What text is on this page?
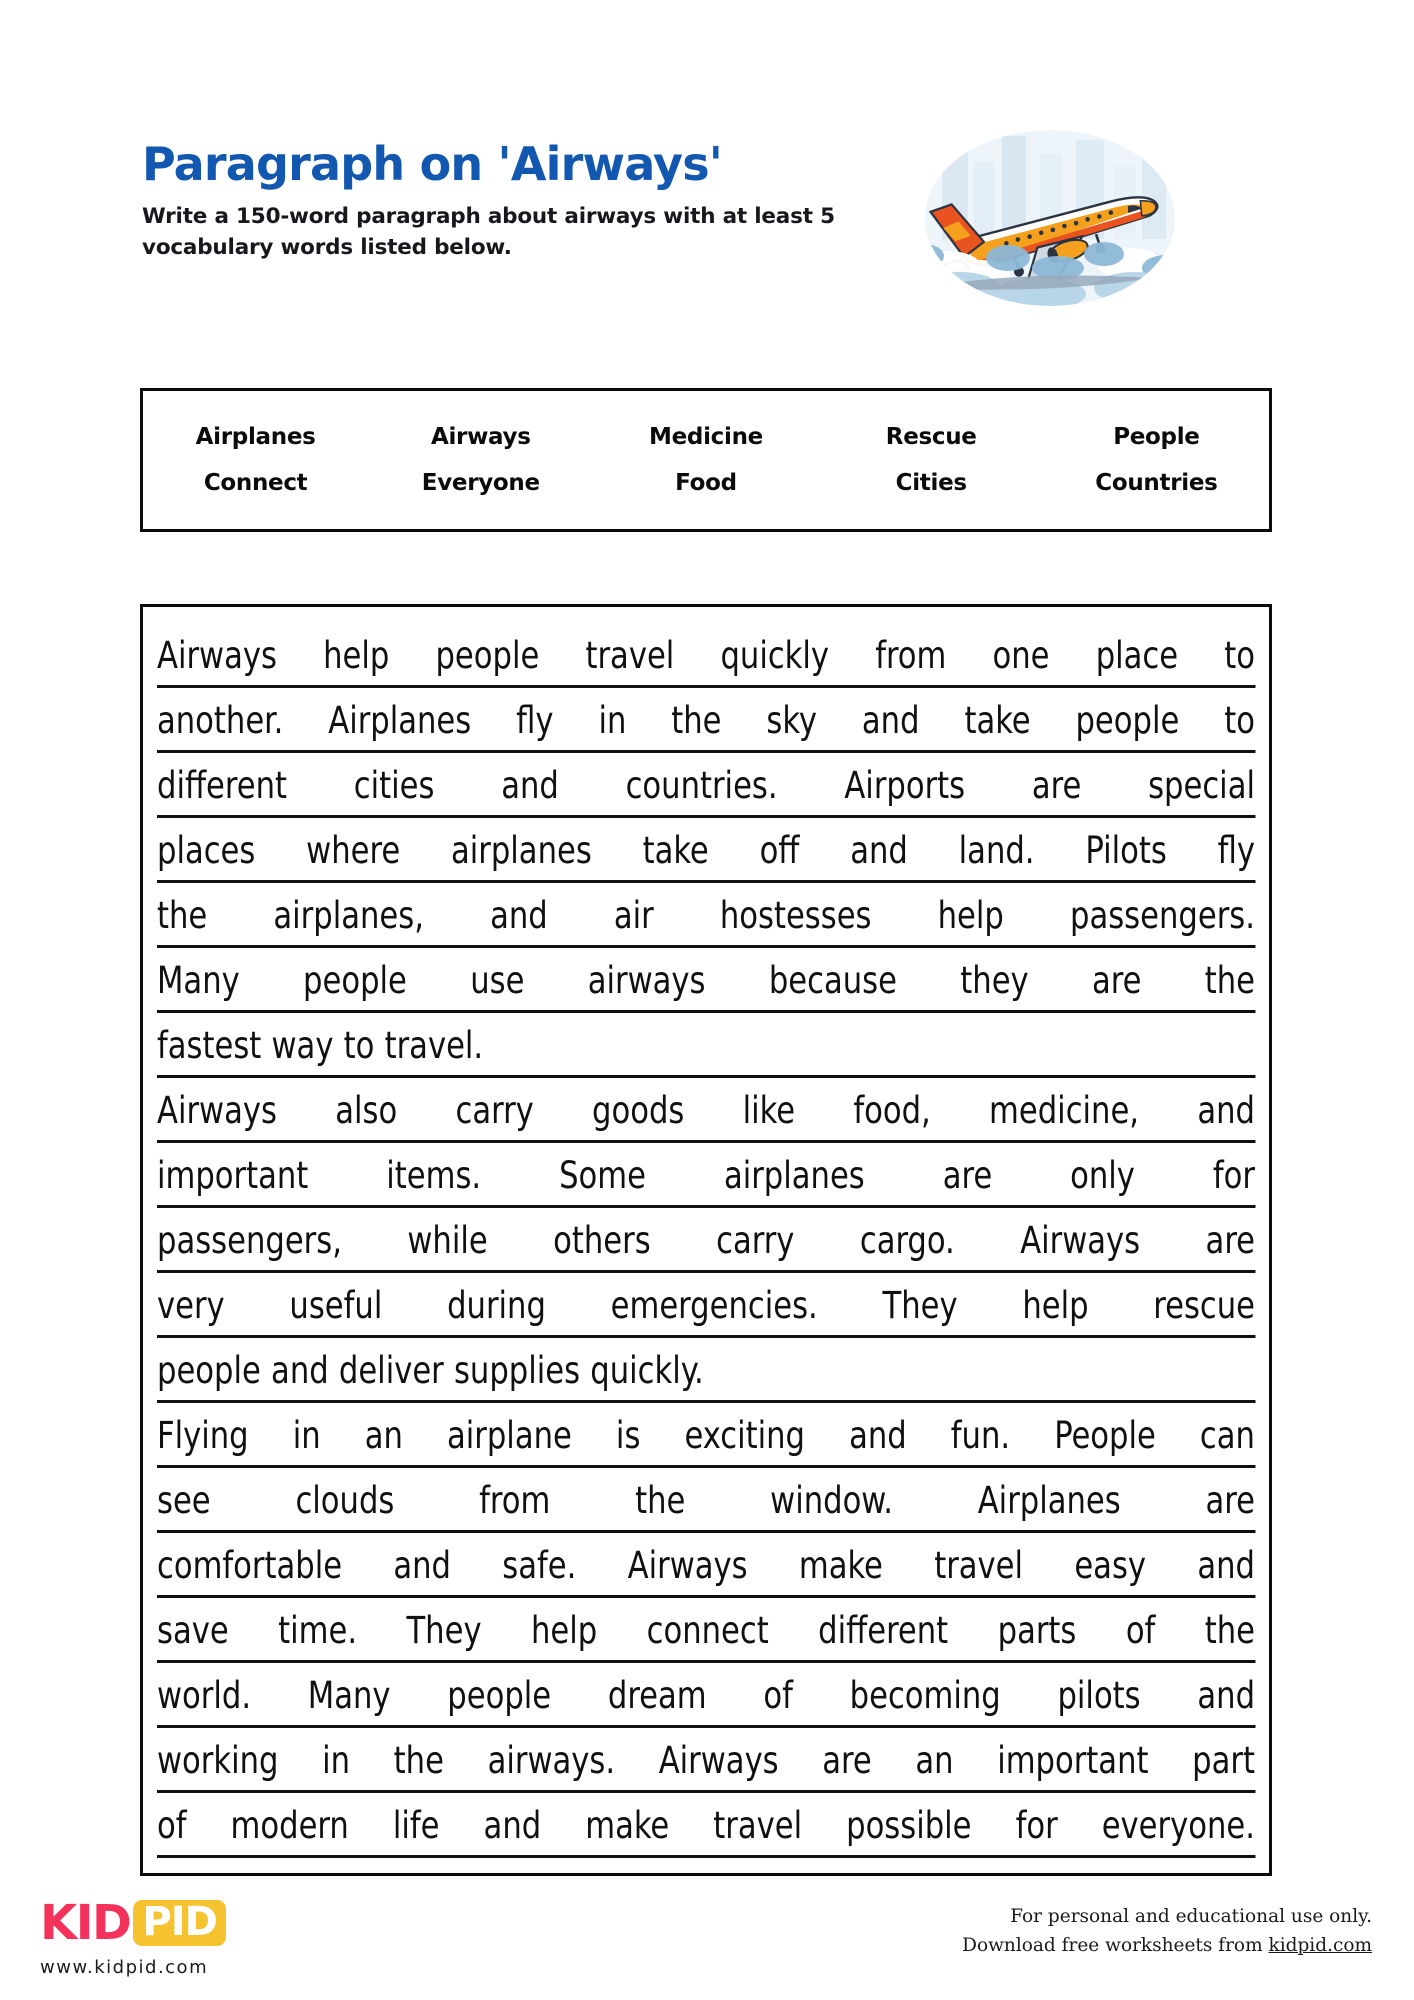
Paragraph on 'Airways'

Write a 150-word paragraph about airways with at least 5 vocabulary words listed below.

Airplanes	Airways	Medicine	Rescue	People
Connect	Everyone	Food	Cities	Countries
Airways help people travel quickly from one place to
another. Airplanes fly in the sky and take people to
different cities and countries. Airports are special
places where airplanes take off and land. Pilots fly
the airplanes, and air hostesses help passengers.
Many people use airways because they are the
fastest way to travel.
Airways also carry goods like food, medicine, and
important items. Some airplanes are only for
passengers, while others carry cargo. Airways are
very useful during emergencies. They help rescue
people and deliver supplies quickly.
Flying in an airplane is exciting and fun. People can
see clouds from the window. Airplanes are
comfortable and safe. Airways make travel easy and
save time. They help connect different parts of the
world. Many people dream of becoming pilots and
working in the airways. Airways are an important part
of modern life and make travel possible for everyone.
KID PID
www.kidpid.com
For personal and educational use only.
Download free worksheets from kidpid.com
